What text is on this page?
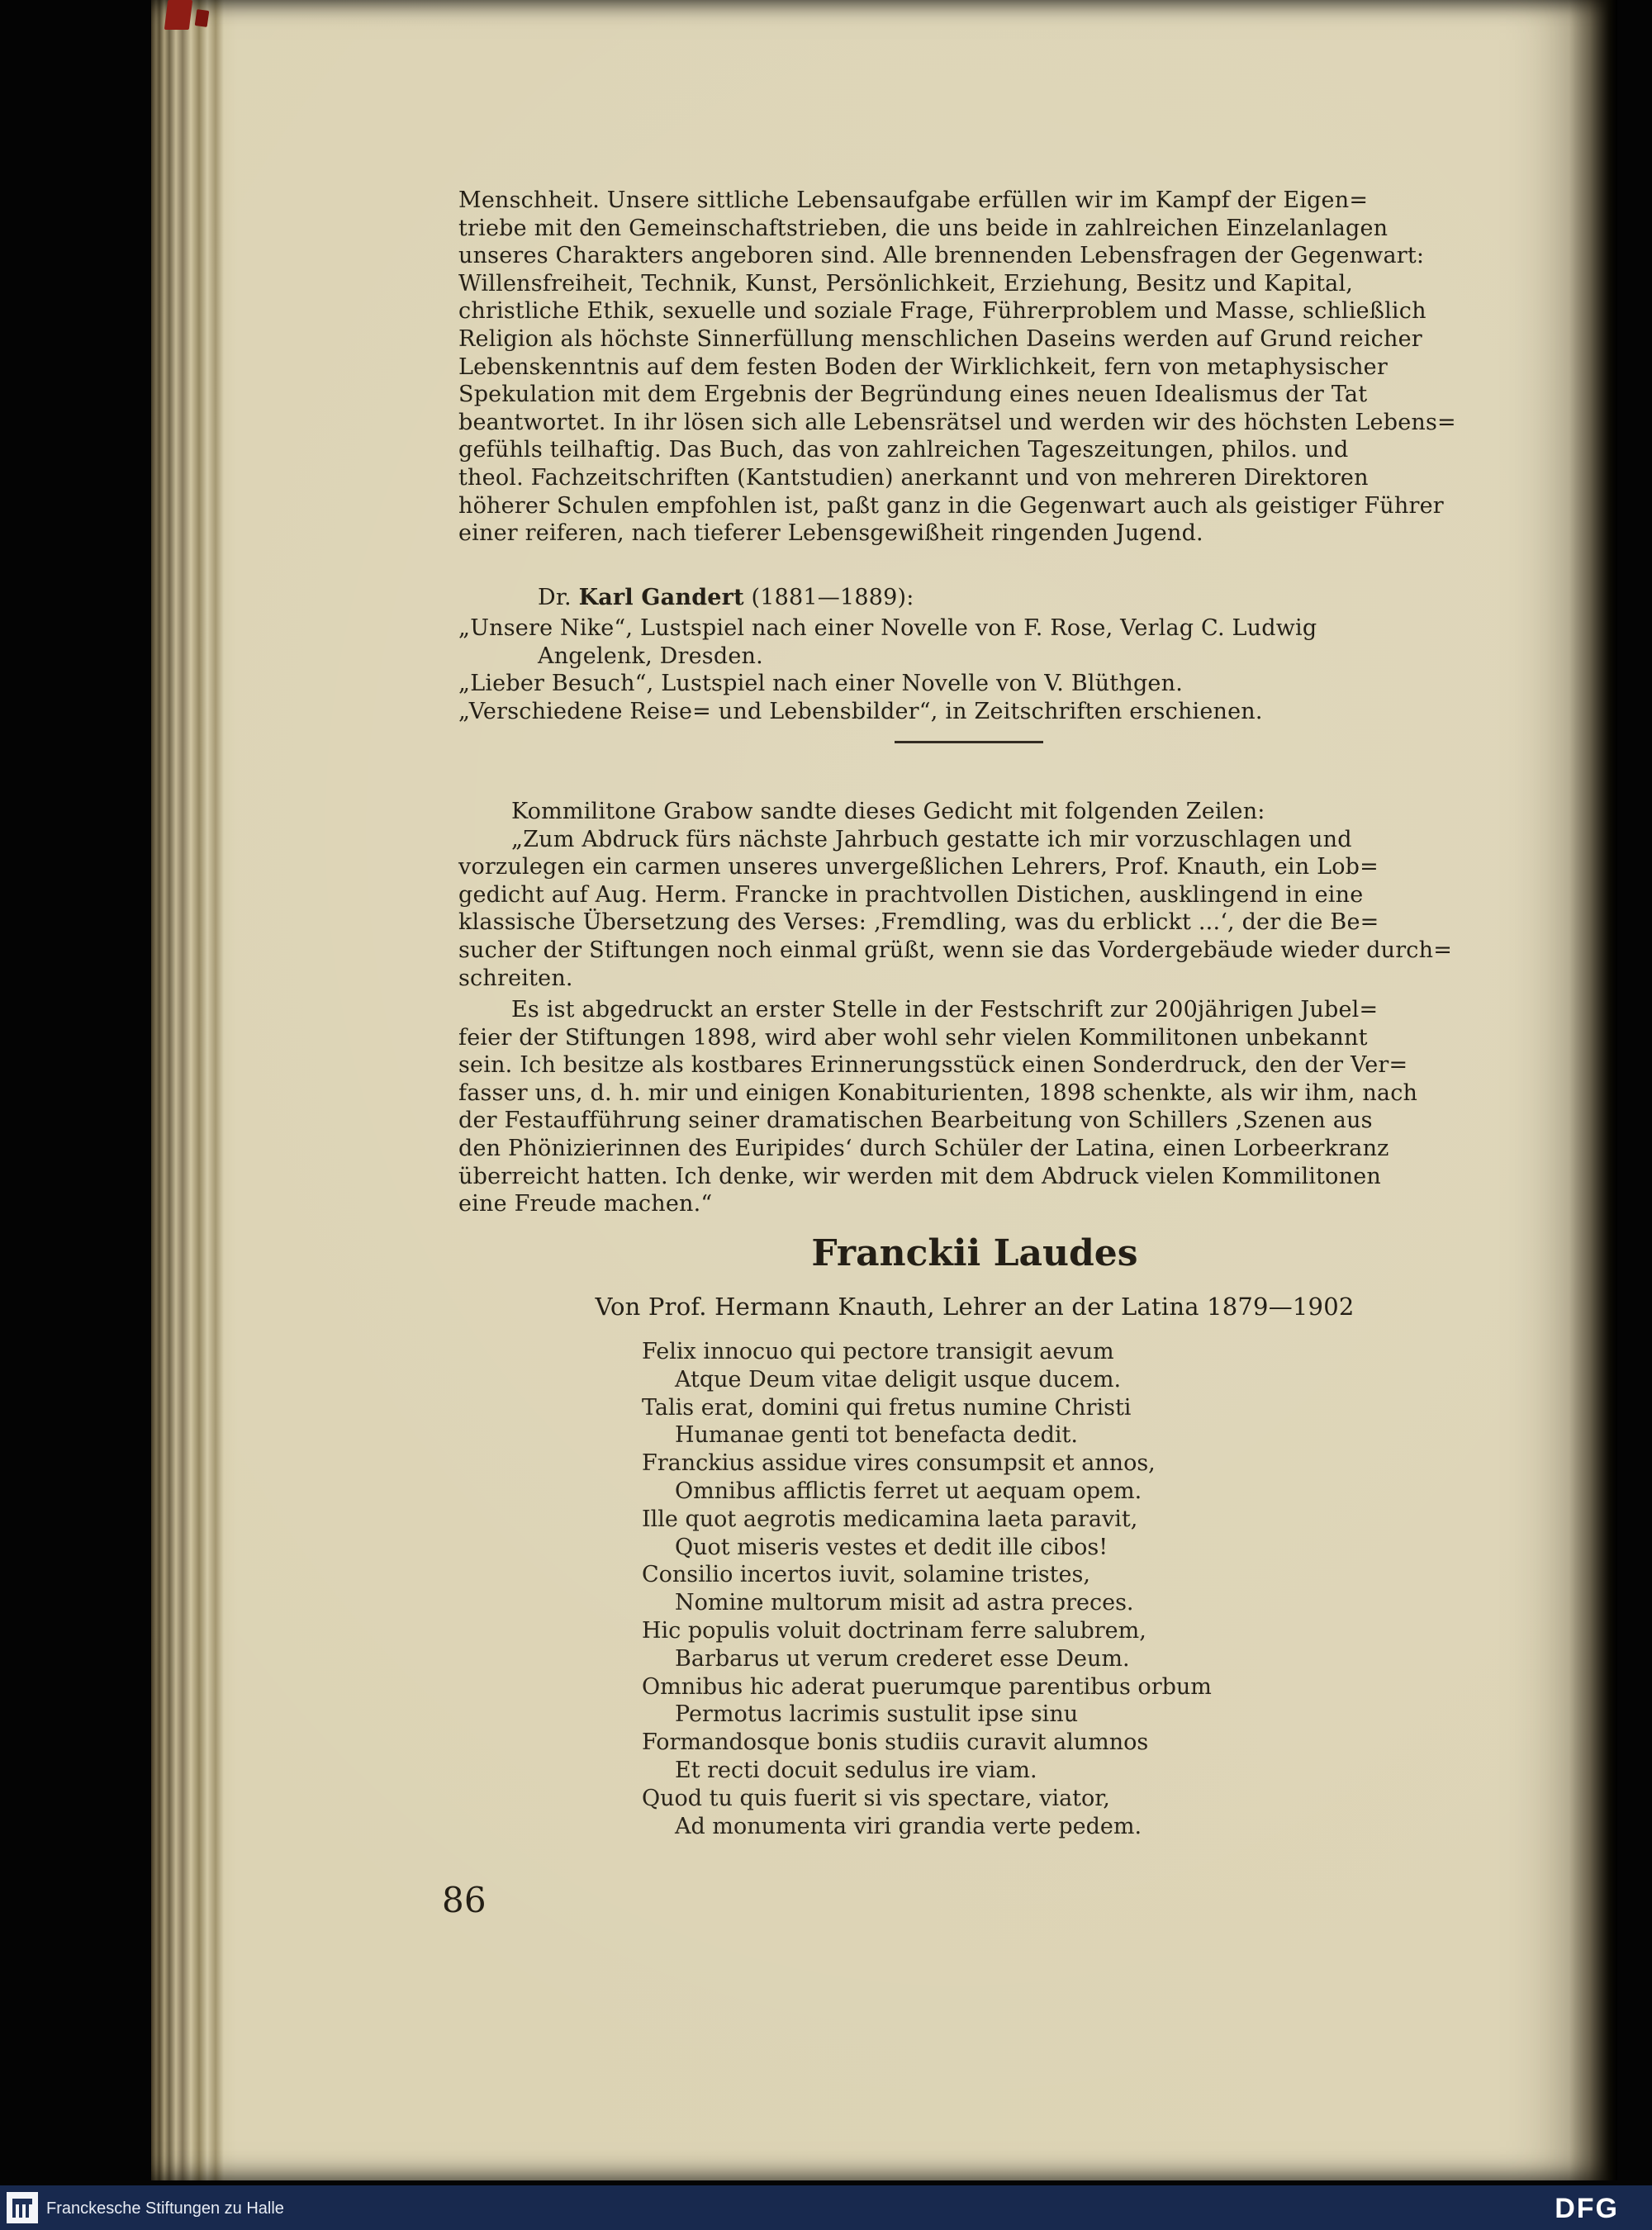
Menschheit. Unsere sittliche Lebensaufgabe erfüllen wir im Kampf der Eigen=
triebe mit den Gemeinschaftstrieben, die uns beide in zahlreichen Einzelanlagen
unseres Charakters angeboren sind. Alle brennenden Lebensfragen der Gegenwart:
Willensfreiheit, Technik, Kunst, Persönlichkeit, Erziehung, Besitz und Kapital,
christliche Ethik, sexuelle und soziale Frage, Führerproblem und Masse, schließlich
Religion als höchste Sinnerfüllung menschlichen Daseins werden auf Grund reicher
Lebenskenntnis auf dem festen Boden der Wirklichkeit, fern von metaphysischer
Spekulation mit dem Ergebnis der Begründung eines neuen Idealismus der Tat
beantwortet. In ihr lösen sich alle Lebensrätsel und werden wir des höchsten Lebens=
gefühls teilhaftig. Das Buch, das von zahlreichen Tageszeitungen, philos. und
theol. Fachzeitschriften (Kantstudien) anerkannt und von mehreren Direktoren
höherer Schulen empfohlen ist, paßt ganz in die Gegenwart auch als geistiger Führer
einer reiferen, nach tieferer Lebensgewißheit ringenden Jugend.
Dr. Karl Gandert (1881—1889):
„Unsere Nike“, Lustspiel nach einer Novelle von F. Rose, Verlag C. Ludwig
Angelenk, Dresden.
„Lieber Besuch“, Lustspiel nach einer Novelle von V. Blüthgen.
„Verschiedene Reise= und Lebensbilder“, in Zeitschriften erschienen.
Kommilitone Grabow sandte dieses Gedicht mit folgenden Zeilen:
„Zum Abdruck fürs nächste Jahrbuch gestatte ich mir vorzuschlagen und
vorzulegen ein carmen unseres unvergeßlichen Lehrers, Prof. Knauth, ein Lob=
gedicht auf Aug. Herm. Francke in prachtvollen Distichen, ausklingend in eine
klassische Übersetzung des Verses: ‚Fremdling, was du erblickt ...‘, der die Be=
sucher der Stiftungen noch einmal grüßt, wenn sie das Vordergebäude wieder durch=
schreiten.
Es ist abgedruckt an erster Stelle in der Festschrift zur 200jährigen Jubel=
feier der Stiftungen 1898, wird aber wohl sehr vielen Kommilitonen unbekannt
sein. Ich besitze als kostbares Erinnerungsstück einen Sonderdruck, den der Ver=
fasser uns, d. h. mir und einigen Konabiturienten, 1898 schenkte, als wir ihm, nach
der Festaufführung seiner dramatischen Bearbeitung von Schillers ‚Szenen aus
den Phönizierinnen des Euripides‘ durch Schüler der Latina, einen Lorbeerkranz
überreicht hatten. Ich denke, wir werden mit dem Abdruck vielen Kommilitonen
eine Freude machen.“
Franckii Laudes
Von Prof. Hermann Knauth, Lehrer an der Latina 1879—1902
Felix innocuo qui pectore transigit aevum
Atque Deum vitae deligit usque ducem.
Talis erat, domini qui fretus numine Christi
Humanae genti tot benefacta dedit.
Franckius assidue vires consumpsit et annos,
Omnibus afflictis ferret ut aequam opem.
Ille quot aegrotis medicamina laeta paravit,
Quot miseris vestes et dedit ille cibos!
Consilio incertos iuvit, solamine tristes,
Nomine multorum misit ad astra preces.
Hic populis voluit doctrinam ferre salubrem,
Barbarus ut verum crederet esse Deum.
Omnibus hic aderat puerumque parentibus orbum
Permotus lacrimis sustulit ipse sinu
Formandosque bonis studiis curavit alumnos
Et recti docuit sedulus ire viam.
Quod tu quis fuerit si vis spectare, viator,
Ad monumenta viri grandia verte pedem.
86
Franckesche Stiftungen zu Halle	DFG
